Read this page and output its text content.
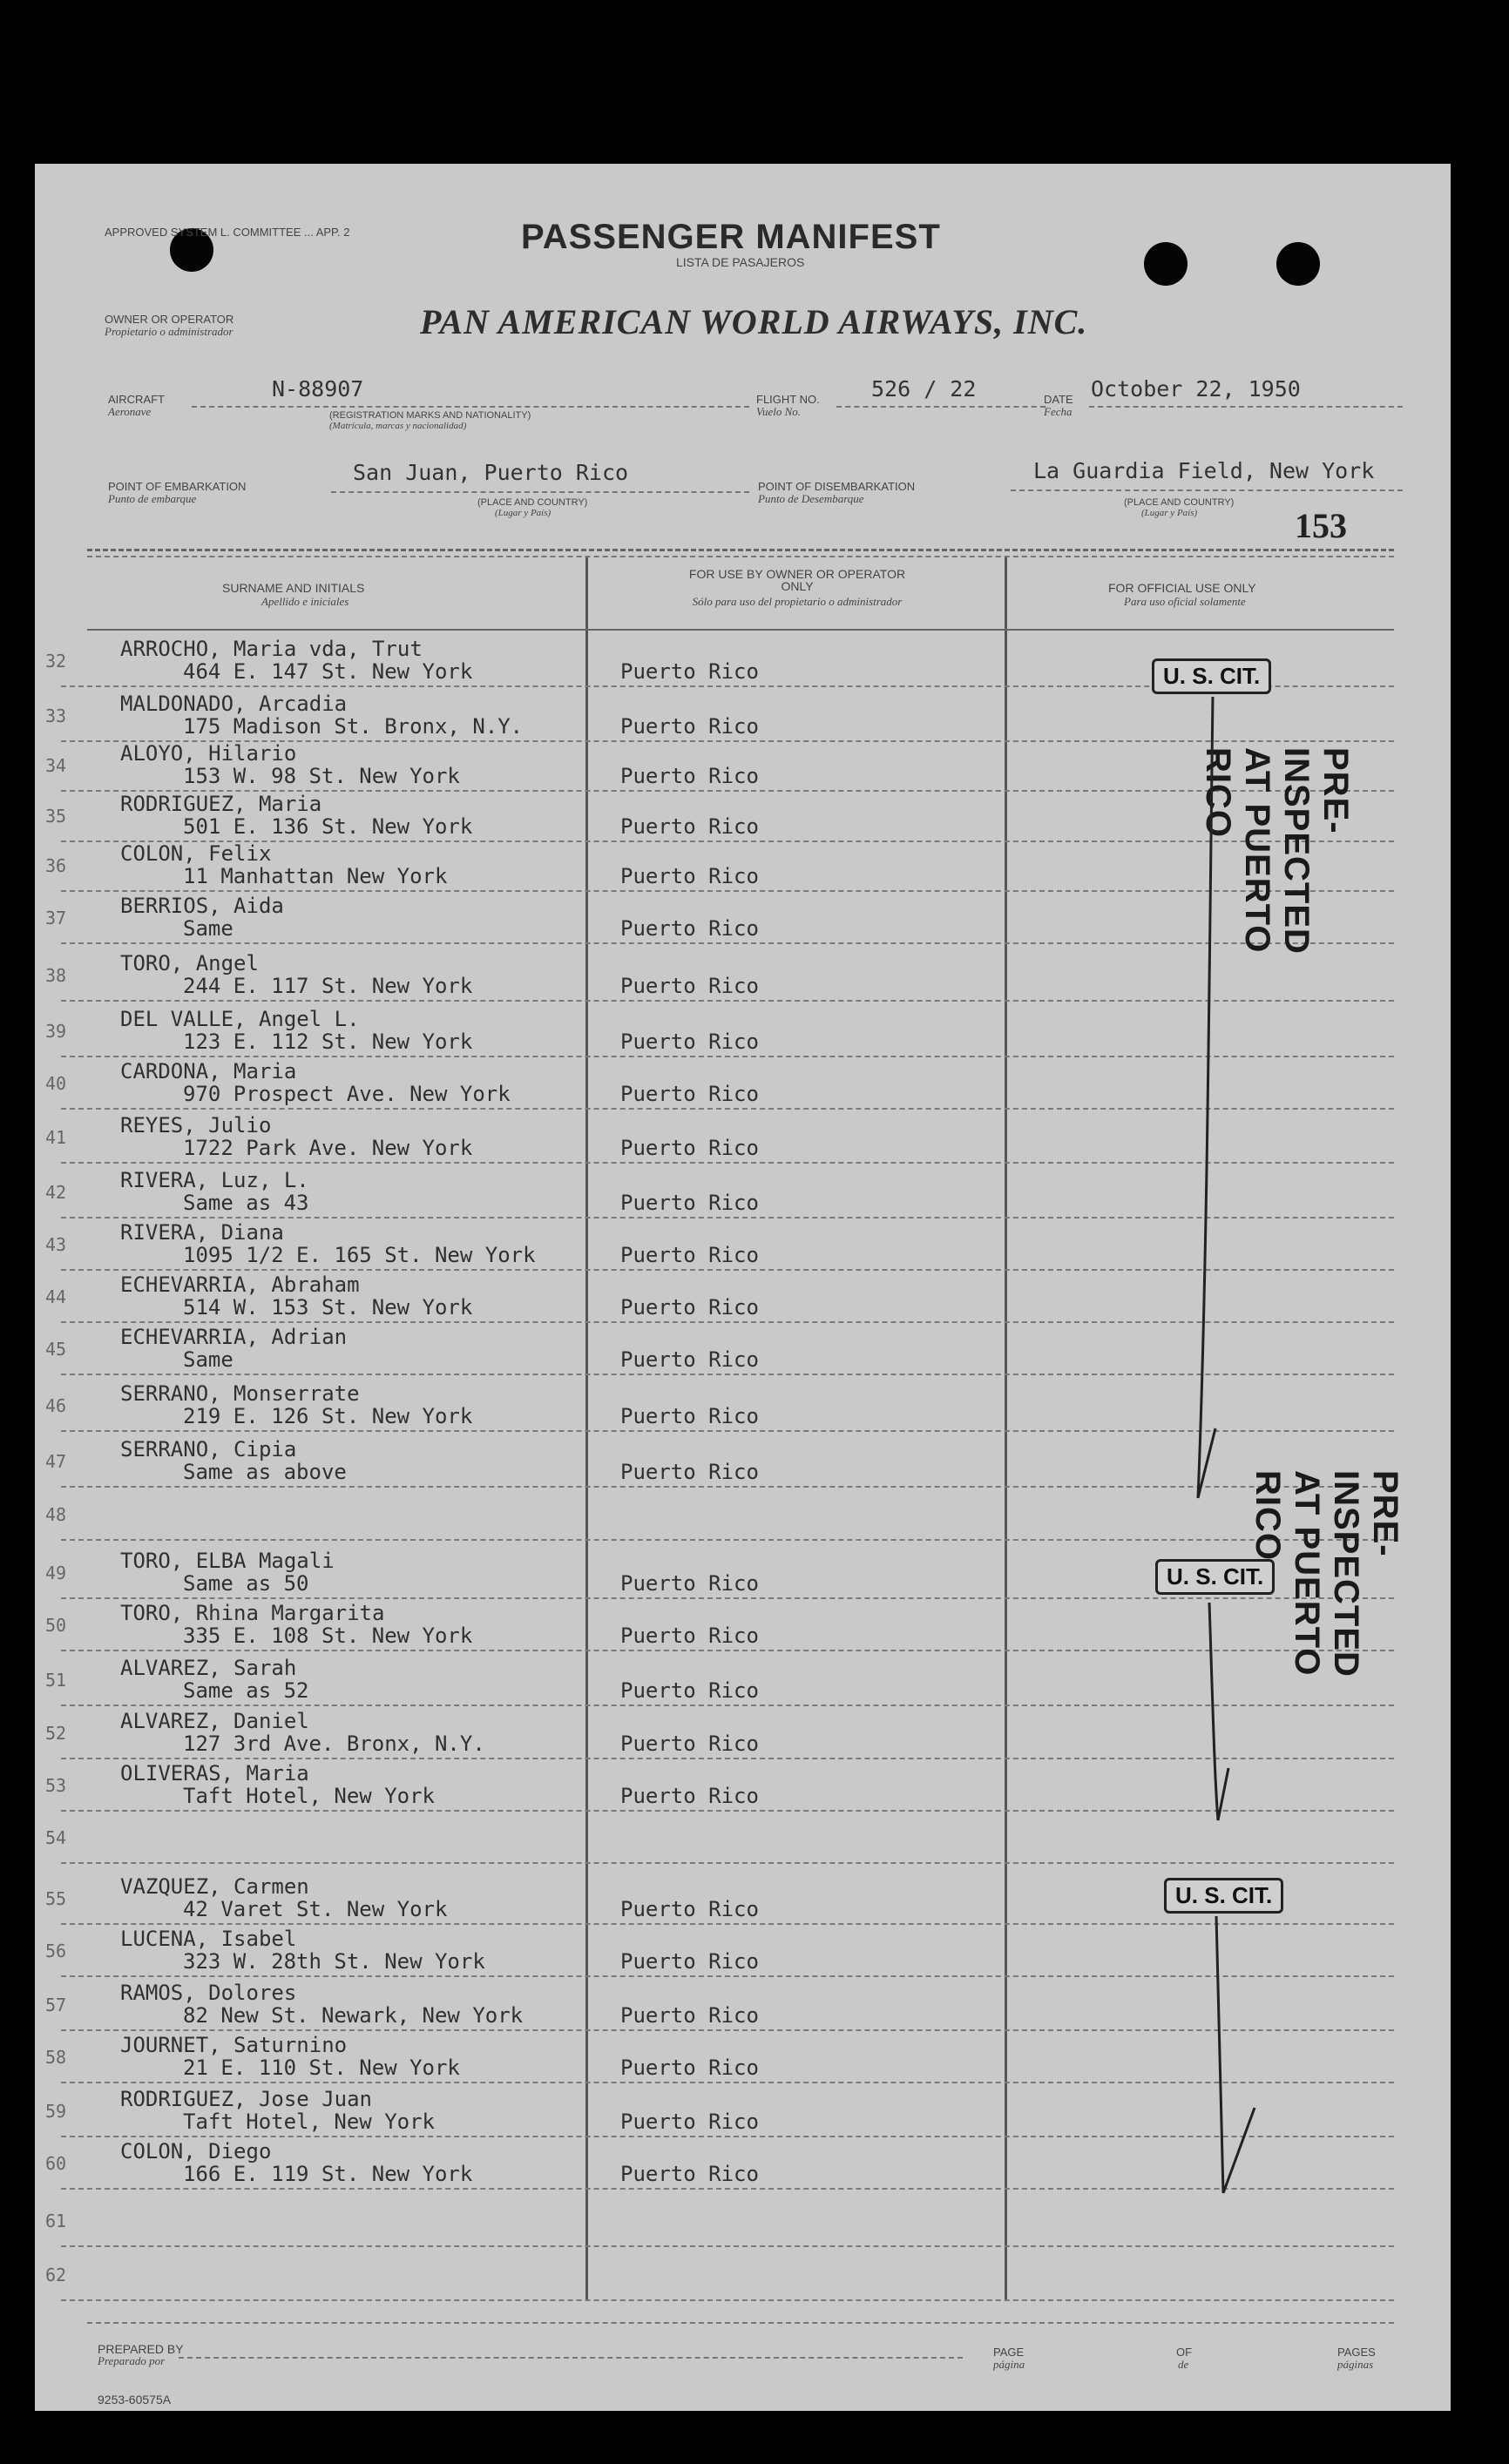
APPROVED SYSTEM L. COMMITTEE ... APP. 2	PASSENGER MANIFEST
LISTA DE PASAJEROS
OWNER OR OPERATOR
Propietario o administrador	PAN AMERICAN WORLD AIRWAYS, INC.
AIRCRAFT
Aeronave
N-88907
(REGISTRATION MARKS AND NATIONALITY)
(Matrícula, marcas y nacionalidad)
FLIGHT NO.
Vuelo No.
526 / 22	DATE
Fecha
October 22, 1950
POINT OF EMBARKATION
Punto de embarque
San Juan, Puerto Rico
(PLACE AND COUNTRY)
(Lugar y País)
POINT OF DISEMBARKATION
Punto de Desembarque
La Guardia Field, New York
(PLACE AND COUNTRY)
(Lugar y País)	153
SURNAME AND INITIALS
Apellido e iniciales
FOR USE BY OWNER OR OPERATOR ONLY
Sólo para uso del propietario o administrador
FOR OFFICIAL USE ONLY
Para uso oficial solamente
32	ARROCHO, Maria vda, Trut
464 E. 147 St. New York	Puerto Rico
33	MALDONADO, Arcadia
175 Madison St. Bronx, N.Y.	Puerto Rico
34	ALOYO, Hilario
153 W. 98 St. New York	Puerto Rico
35	RODRIGUEZ, Maria
501 E. 136 St. New York	Puerto Rico
36	COLON, Felix
11 Manhattan New York	Puerto Rico
37	BERRIOS, Aida
Same	Puerto Rico
38	TORO, Angel
244 E. 117 St. New York	Puerto Rico
39	DEL VALLE, Angel L.
123 E. 112 St. New York	Puerto Rico
40	CARDONA, Maria
970 Prospect Ave. New York	Puerto Rico
41	REYES, Julio
1722 Park Ave. New York	Puerto Rico
42	RIVERA, Luz, L.
Same as 43	Puerto Rico
43	RIVERA, Diana
1095 1/2 E. 165 St. New York	Puerto Rico
44	ECHEVARRIA, Abraham
514 W. 153 St. New York	Puerto Rico
45	ECHEVARRIA, Adrian
Same	Puerto Rico
46	SERRANO, Monserrate
219 E. 126 St. New York	Puerto Rico
47	SERRANO, Cipia
Same as above	Puerto Rico
48
49	TORO, ELBA Magali
Same as 50	Puerto Rico
50	TORO, Rhina Margarita
335 E. 108 St. New York	Puerto Rico
51	ALVAREZ, Sarah
Same as 52	Puerto Rico
52	ALVAREZ, Daniel
127 3rd Ave. Bronx, N.Y.	Puerto Rico
53	OLIVERAS, Maria
Taft Hotel, New York	Puerto Rico
54
55	VAZQUEZ, Carmen
42 Varet St. New York	Puerto Rico
56	LUCENA, Isabel
323 W. 28th St. New York	Puerto Rico
57	RAMOS, Dolores
82 New St. Newark, New York	Puerto Rico
58	JOURNET, Saturnino
21 E. 110 St. New York	Puerto Rico
59	RODRIGUEZ, Jose Juan
Taft Hotel, New York	Puerto Rico
60	COLON, Diego
166 E. 119 St. New York	Puerto Rico
61
62
U. S. CIT.
U. S. CIT.
U. S. CIT.
PRE-INSPECTED AT PUERTO RICO
PRE-INSPECTED AT PUERTO RICO
PREPARED BY
Preparado por
PAGE
página
OF
de
PAGES
páginas
9253-60575A
